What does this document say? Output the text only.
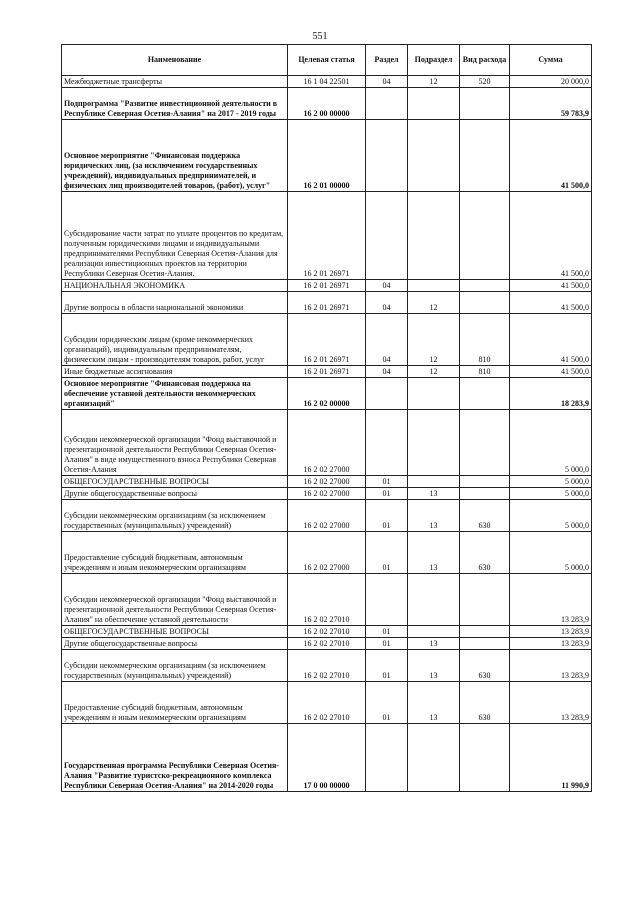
551
Наименование	Целевая статья	Раздел	Подраздел	Вид расхода	Сумма
Межбюджетные трансферты	16 1 04 22501	04	12	520	20 000,0
Подпрограмма "Развитие инвестиционной деятельности в Республике Северная Осетия-Алания" на 2017 - 2019 годы	16 2 00 00000				59 783,9
Основное мероприятие "Финансовая поддержка юридических лиц, (за исключением государственных учреждений), индивидуальных предпринимателей, и физических лиц производителей товаров, (работ), услуг"	16 2 01 00000				41 500,0
Субсидирование части затрат по уплате процентов по кредитам, полученным юридическими лицами и индивидуальными предпринимателями Республики Северная Осетия-Алания для реализации инвестиционных проектов на территории Республики Северная Осетия-Алания.	16 2 01 26971				41 500,0
НАЦИОНАЛЬНАЯ ЭКОНОМИКА	16 2 01 26971	04			41 500,0
Другие вопросы в области национальной экономики	16 2 01 26971	04	12		41 500,0
Субсидии юридическим лицам (кроме некоммерческих организаций), индивидуальным предпринимателям, физическим лицам - производителям товаров, работ, услуг	16 2 01 26971	04	12	810	41 500,0
Иные бюджетные ассигнования	16 2 01 26971	04	12	810	41 500,0
Основное мероприятие "Финансовая поддержка на обеспечение уставной деятельности некоммерческих организаций"	16 2 02 00000				18 283,9
Субсидии некоммерческой организации "Фонд выставочной и презентационной деятельности Республики Северная Осетия-Алания" в виде имущественного взноса Республики Северная Осетия-Алания	16 2 02 27000				5 000,0
ОБЩЕГОСУДАРСТВЕННЫЕ ВОПРОСЫ	16 2 02 27000	01			5 000,0
Другие общегосударственные вопросы	16 2 02 27000	01	13		5 000,0
Субсидии некоммерческим организациям (за исключением государственных (муниципальных) учреждений)	16 2 02 27000	01	13	630	5 000,0
Предоставление субсидий бюджетным, автономным учреждениям и иным некоммерческим организациям	16 2 02 27000	01	13	630	5 000,0
Субсидии некоммерческой организации "Фонд выставочной и презентационной деятельности Республики Северная Осетия-Алания" на обеспечение уставной деятельности	16 2 02 27010				13 283,9
ОБЩЕГОСУДАРСТВЕННЫЕ ВОПРОСЫ	16 2 02 27010	01			13 283,9
Другие общегосударственные вопросы	16 2 02 27010	01	13		13 283,9
Субсидии некоммерческим организациям (за исключением государственных (муниципальных) учреждений)	16 2 02 27010	01	13	630	13 283,9
Предоставление субсидий бюджетным, автономным учреждениям и иным некоммерческим организациям	16 2 02 27010	01	13	630	13 283,9
Государственная программа Республики Северная Осетия-Алания "Развитие туристско-рекреационного комплекса Республики Северная Осетия-Алания" на 2014-2020 годы	17 0 00 00000				11 990,9
